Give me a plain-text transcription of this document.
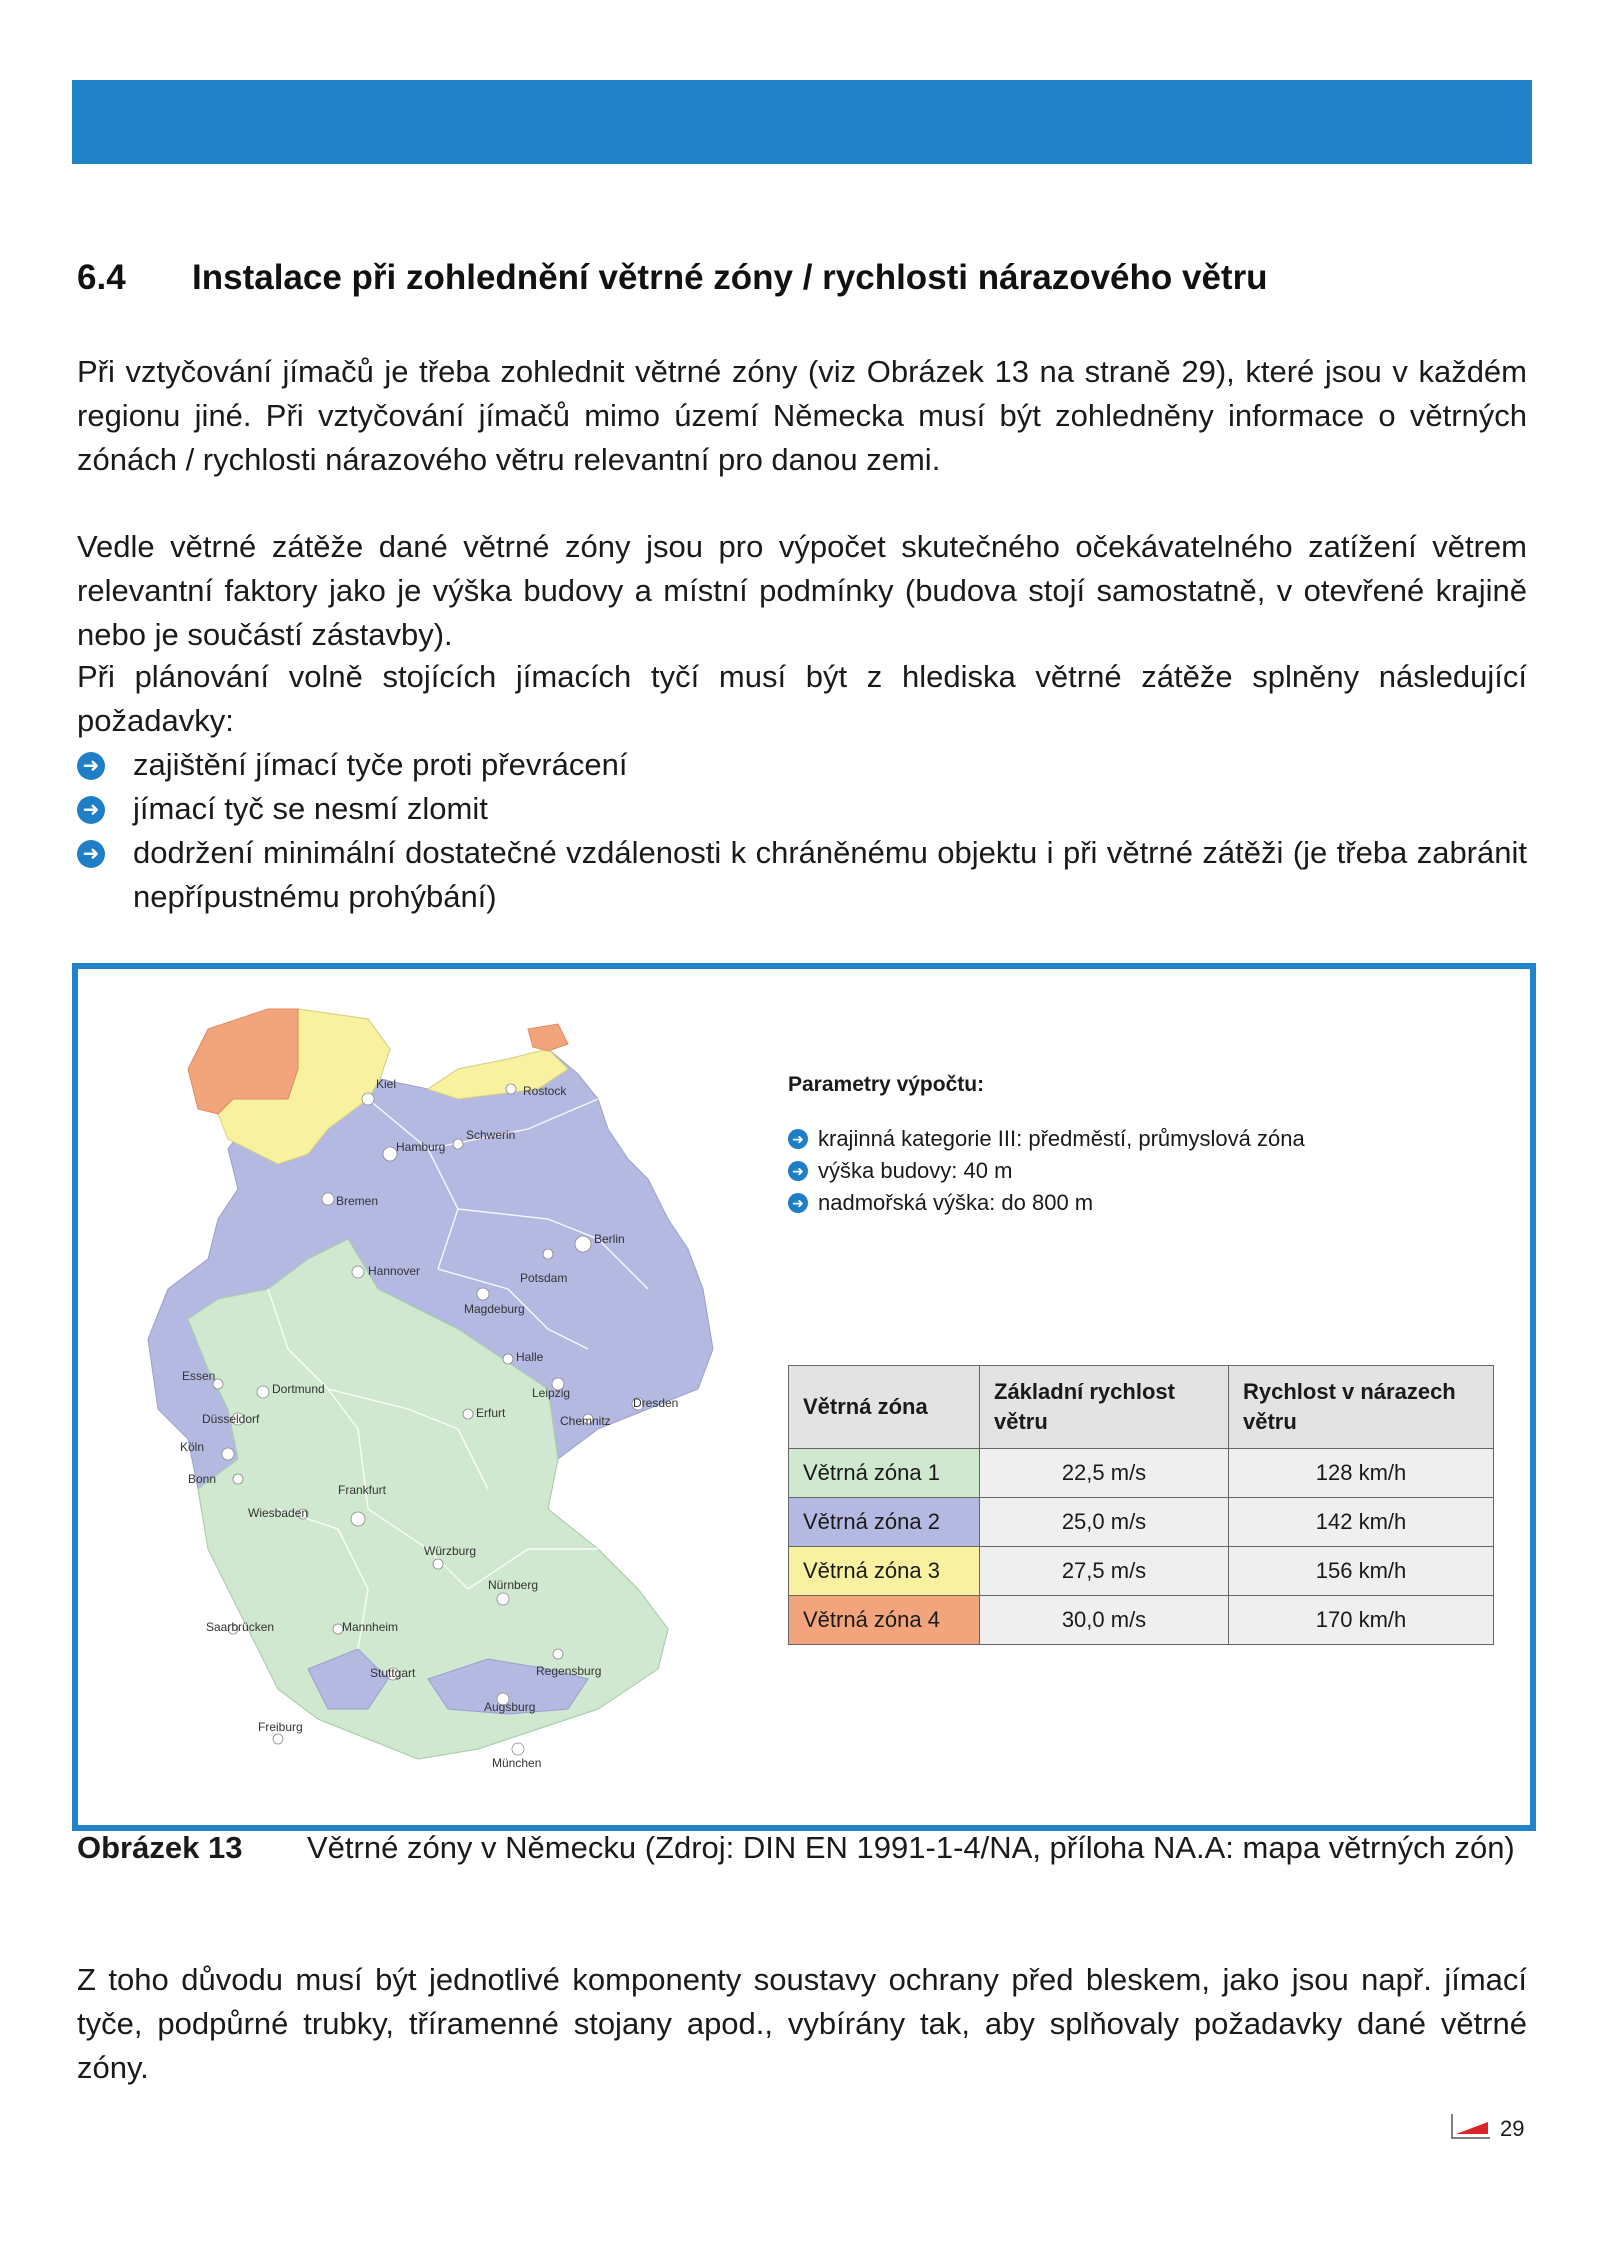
6.4 Instalace při zohlednění větrné zóny / rychlosti nárazového větru

Při vztyčování jímačů je třeba zohlednit větrné zóny (viz Obrázek 13 na straně 29), které jsou v každém regionu jiné. Při vztyčování jímačů mimo území Německa musí být zohledněny informace o větrných zónách / rychlosti nárazového větru relevantní pro danou zemi.

Vedle větrné zátěže dané větrné zóny jsou pro výpočet skutečného očekávatelného zatížení větrem relevantní faktory jako je výška budovy a místní podmínky (budova stojí samostatně, v otevřené krajině nebo je součástí zástavby).

Při plánování volně stojících jímacích tyčí musí být z hlediska větrné zátěže splněny následující požadavky:

➜ zajištění jímací tyče proti převrácení
➜ jímací tyč se nesmí zlomit
➜ dodržení minimální dostatečné vzdálenosti k chráněnému objektu i při větrné zátěži (je třeba zabránit nepřípustnému prohýbání)
Kiel
Hamburg
Rostock
Schwerin
Bremen
Berlin
Hannover	Potsdam
Magdeburg
Essen
Dortmund
Düsseldorf
Köln
Bonn
Halle
Leipzig
Dresden
Erfurt
Chemnitz
Wiesbaden
Frankfurt
Würzburg
Nürnberg
Saarbrücken	Mannheim
Stuttgart	Regensburg
Augsburg
Freiburg
München
Parametry výpočtu:
➜ krajinná kategorie III: předměstí, průmyslová zóna
➜ výška budovy: 40 m
➜ nadmořská výška: do 800 m
Větrná zóna	Základní rychlost větru	Rychlost v nárazech větru
Větrná zóna 1	22,5 m/s	128 km/h
Větrná zóna 2	25,0 m/s	142 km/h
Větrná zóna 3	27,5 m/s	156 km/h
Větrná zóna 4	30,0 m/s	170 km/h
Obrázek 13 Větrné zóny v Německu (Zdroj: DIN EN 1991-1-4/NA, příloha NA.A: mapa větrných zón)

Z toho důvodu musí být jednotlivé komponenty soustavy ochrany před bleskem, jako jsou např. jímací tyče, podpůrné trubky, tříramenné stojany apod., vybírány tak, aby splňovaly požadavky dané větrné zóny.

29
